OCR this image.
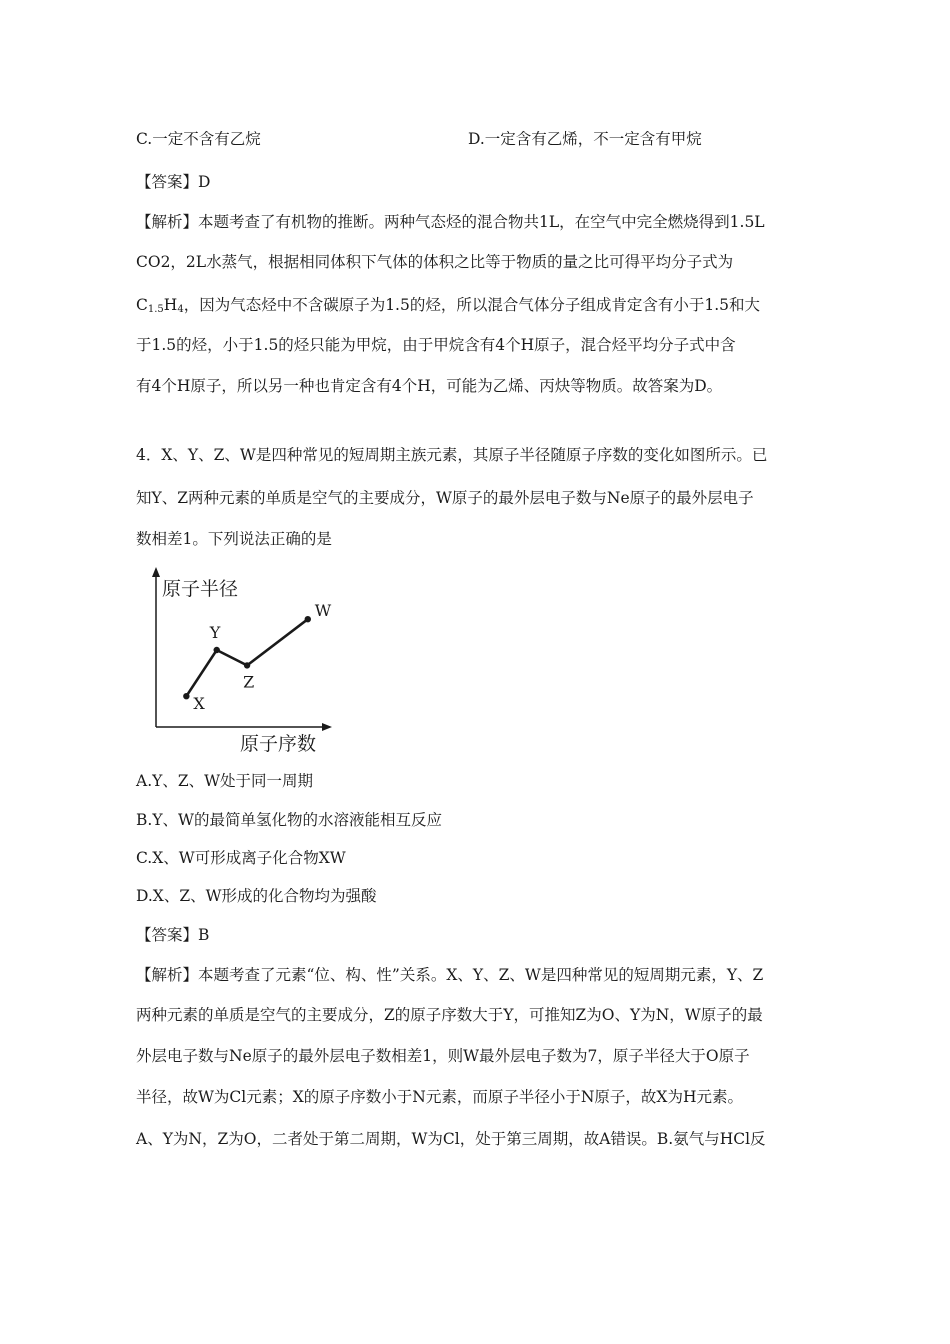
C.一定不含有乙烷	D.一定含有乙烯，不一定含有甲烷
【答案】D
【解析】本题考查了有机物的推断。两种气态烃的混合物共1L，在空气中完全燃烧得到1.5L
CO2，2L水蒸气，根据相同体积下气体的体积之比等于物质的量之比可得平均分子式为
$C_{1.5}H_4$，因为气态烃中不含碳原子为1.5的烃，所以混合气体分子组成肯定含有小于1.5和大
于1.5的烃，小于1.5的烃只能为甲烷，由于甲烷含有4个H原子，混合烃平均分子式中含
有4个H原子，所以另一种也肯定含有4个H，可能为乙烯、丙炔等物质。故答案为D。
4．X、Y、Z、W是四种常见的短周期主族元素，其原子半径随原子序数的变化如图所示。已
知Y、Z两种元素的单质是空气的主要成分，W原子的最外层电子数与Ne原子的最外层电子
数相差1。下列说法正确的是
原子半径
原子序数
X
Y
Z
W
A.Y、Z、W处于同一周期
B.Y、W的最简单氢化物的水溶液能相互反应
C.X、W可形成离子化合物XW
D.X、Z、W形成的化合物均为强酸
【答案】B
【解析】本题考查了元素“位、构、性”关系。X、Y、Z、W是四种常见的短周期元素，Y、Z
两种元素的单质是空气的主要成分，Z的原子序数大于Y，可推知Z为O、Y为N，W原子的最
外层电子数与Ne原子的最外层电子数相差1，则W最外层电子数为7，原子半径大于O原子
半径，故W为Cl元素；X的原子序数小于N元素，而原子半径小于N原子，故X为H元素。
A、Y为N，Z为O，二者处于第二周期，W为Cl，处于第三周期，故A错误。B.氨气与HCl反
